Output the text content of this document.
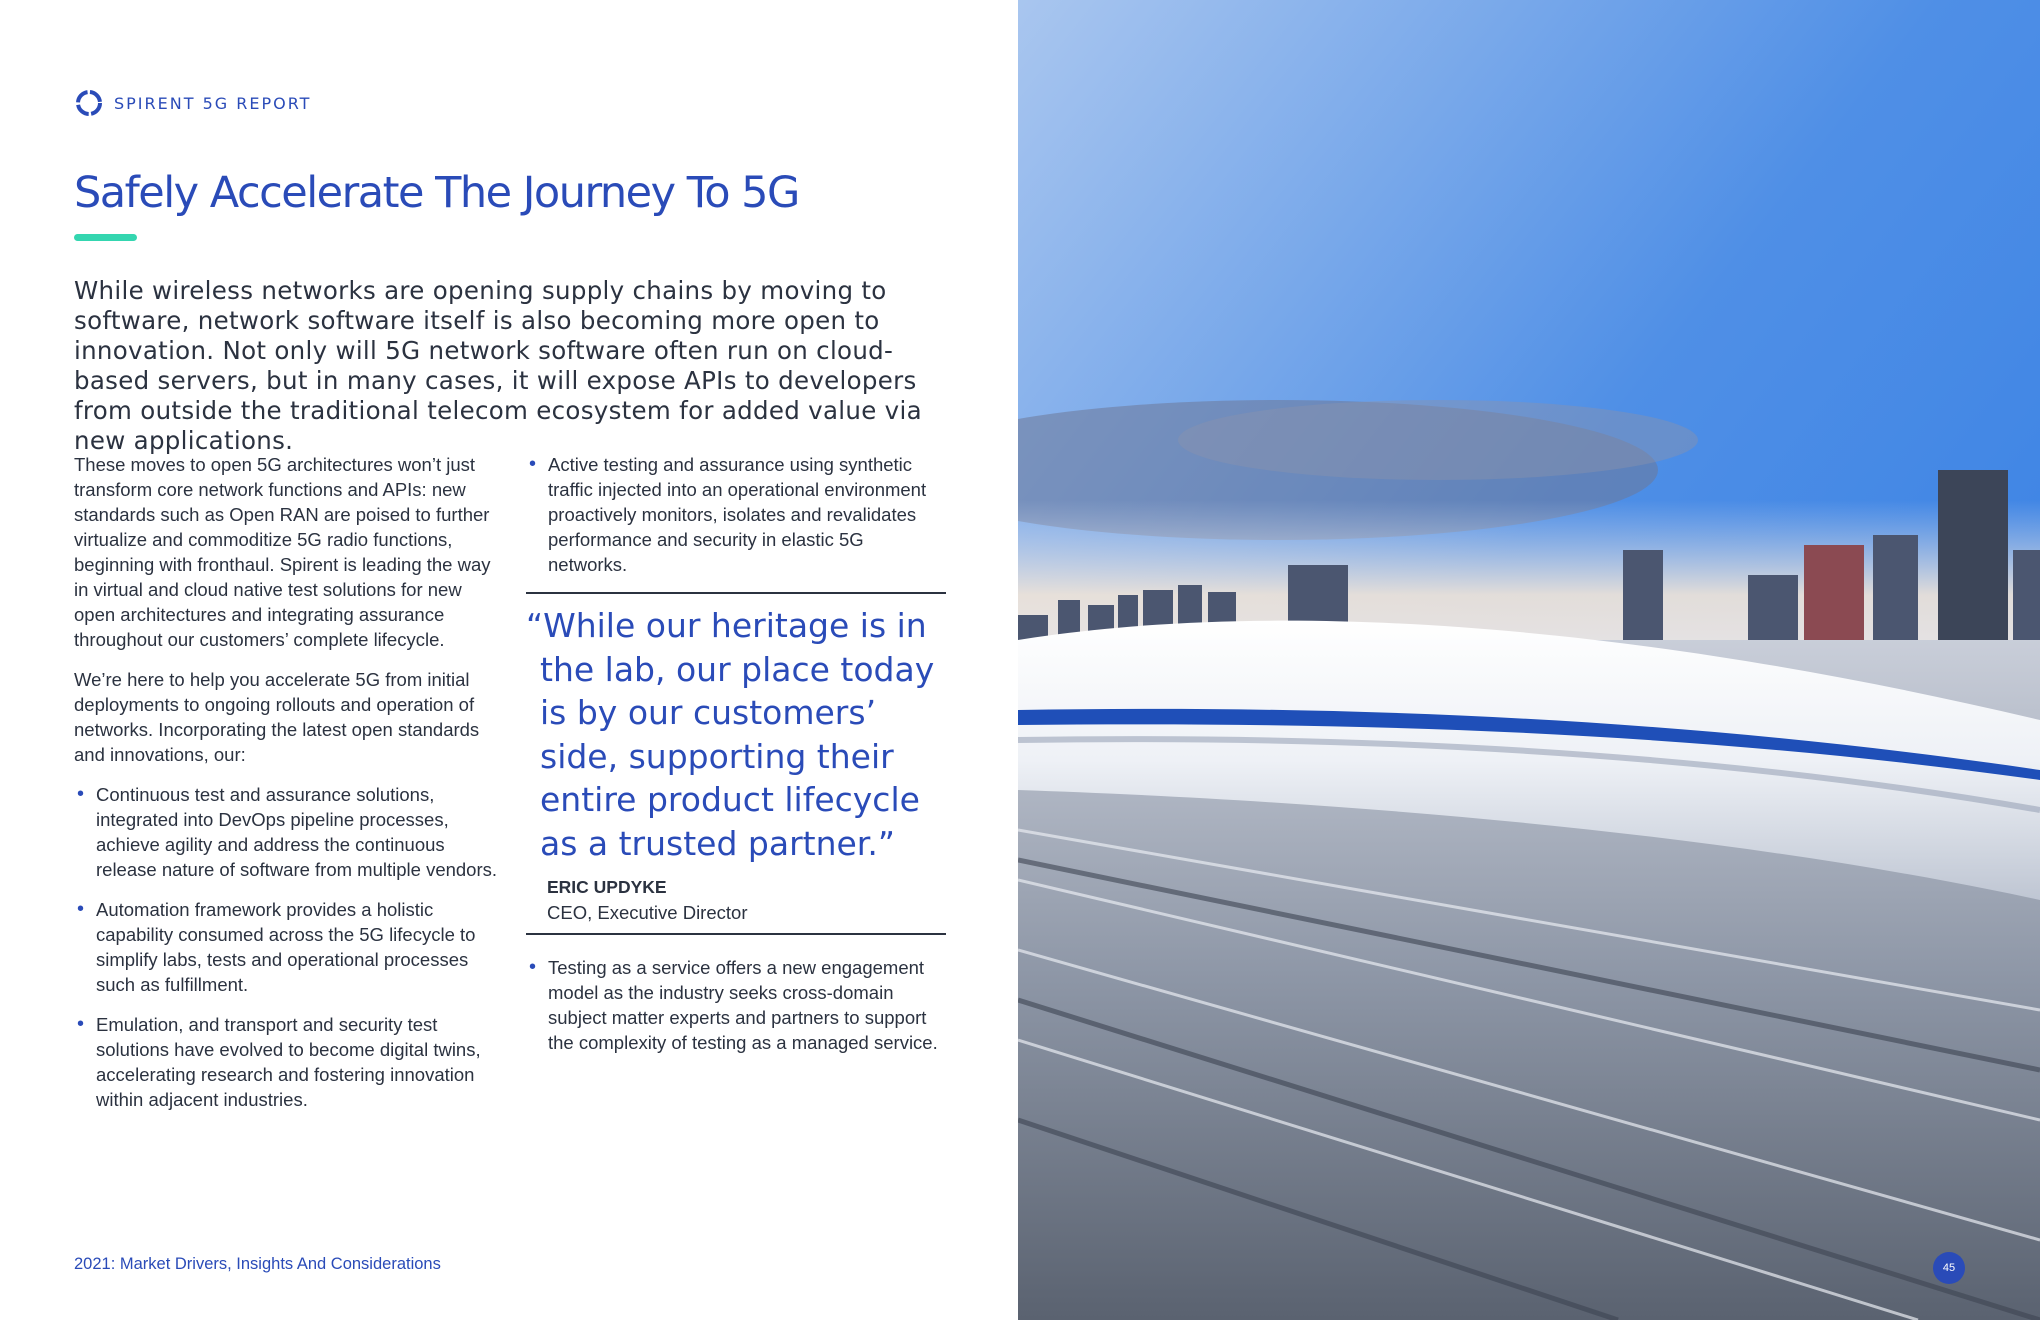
SPIRENT 5G REPORT
Safely Accelerate The Journey To 5G
While wireless networks are opening supply chains by moving to software, network software itself is also becoming more open to innovation. Not only will 5G network software often run on cloud-based servers, but in many cases, it will expose APIs to developers from outside the traditional telecom ecosystem for added value via new applications.

These moves to open 5G architectures won’t just transform core network functions and APIs: new standards such as Open RAN are poised to further virtualize and commoditize 5G radio functions, beginning with fronthaul. Spirent is leading the way in virtual and cloud native test solutions for new open architectures and integrating assurance throughout our customers’ complete lifecycle.

We’re here to help you accelerate 5G from initial deployments to ongoing rollouts and operation of networks. Incorporating the latest open standards and innovations, our:

• Continuous test and assurance solutions, integrated into DevOps pipeline processes, achieve agility and address the continuous release nature of software from multiple vendors.
• Automation framework provides a holistic capability consumed across the 5G lifecycle to simplify labs, tests and operational processes such as fulfillment.
• Emulation, and transport and security test solutions have evolved to become digital twins, accelerating research and fostering innovation within adjacent industries.
• Active testing and assurance using synthetic traffic injected into an operational environment proactively monitors, isolates and revalidates performance and security in elastic 5G networks.
“While our heritage is in the lab, our place today is by our customers’ side, supporting their entire product lifecycle as a trusted partner.”
ERIC UPDYKE
CEO, Executive Director
• Testing as a service offers a new engagement model as the industry seeks cross-domain subject matter experts and partners to support the complexity of testing as a managed service.
2021: Market Drivers, Insights And Considerations	45
